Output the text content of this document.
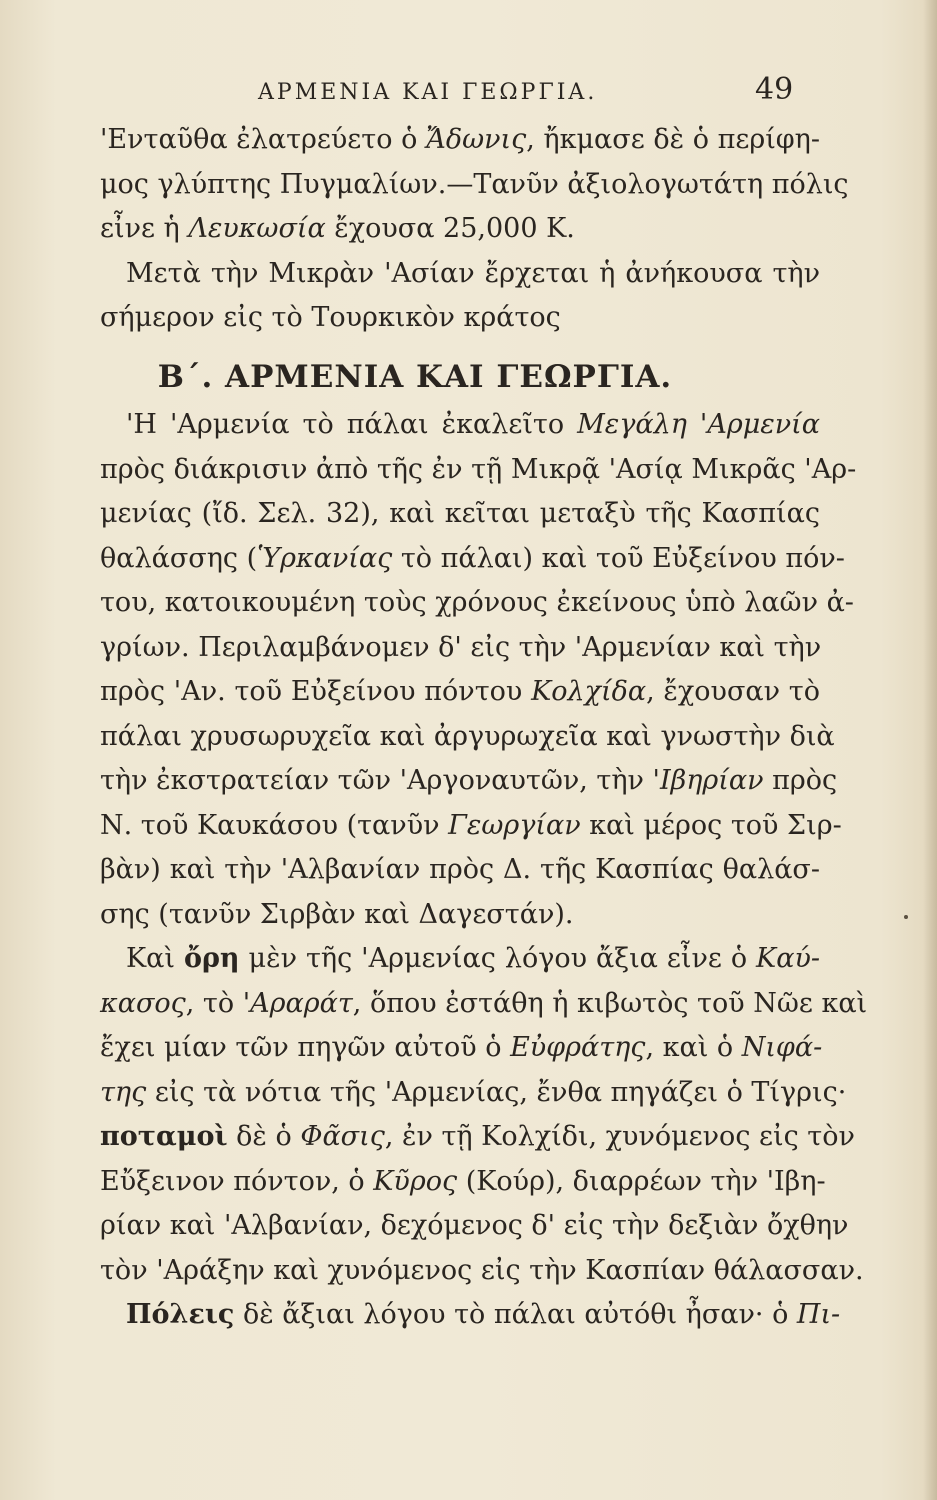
ΑΡΜΕΝΙΑ ΚΑΙ ΓΕΩΡΓΙΑ.	49
'Ενταῦθα ἐλατρεύετο ὁ Ἄδωνις, ἤκμασε δὲ ὁ περίφη-
μος γλύπτης Πυγμαλίων.—Τανῦν ἀξιολογωτάτη πόλις
εἶνε ἡ Λευκωσία ἔχουσα 25,000 Κ.
Μετὰ τὴν Μικρὰν 'Ασίαν ἔρχεται ἡ ἀνήκουσα τὴν
σήμερον εἰς τὸ Τουρκικὸν κράτος
Β΄. ΑΡΜΕΝΙΑ ΚΑΙ ΓΕΩΡΓΙΑ.
'Η 'Αρμενία τὸ πάλαι ἐκαλεῖτο Μεγάλη 'Αρμενία
πρὸς διάκρισιν ἀπὸ τῆς ἐν τῇ Μικρᾷ 'Ασίᾳ Μικρᾶς 'Αρ-
μενίας (ἴδ. Σελ. 32), καὶ κεῖται μεταξὺ τῆς Κασπίας
θαλάσσης (Ὑρκανίας τὸ πάλαι) καὶ τοῦ Εὐξείνου πόν-
του, κατοικουμένη τοὺς χρόνους ἐκείνους ὑπὸ λαῶν ἀ-
γρίων. Περιλαμβάνομεν δ' εἰς τὴν 'Αρμενίαν καὶ τὴν
πρὸς 'Αν. τοῦ Εὐξείνου πόντου Κολχίδα, ἔχουσαν τὸ
πάλαι χρυσωρυχεῖα καὶ ἀργυρωχεῖα καὶ γνωστὴν διὰ
τὴν ἐκστρατείαν τῶν 'Αργοναυτῶν, τὴν 'Ιβηρίαν πρὸς
Ν. τοῦ Καυκάσου (τανῦν Γεωργίαν καὶ μέρος τοῦ Σιρ-
βὰν) καὶ τὴν 'Αλβανίαν πρὸς Δ. τῆς Κασπίας θαλάσ-
σης (τανῦν Σιρβὰν καὶ Δαγεστάν).
Καὶ ὄρη μὲν τῆς 'Αρμενίας λόγου ἄξια εἶνε ὁ Καύ-
κασος, τὸ 'Αραράτ, ὅπου ἐστάθη ἡ κιβωτὸς τοῦ Νῶε καὶ
ἔχει μίαν τῶν πηγῶν αὐτοῦ ὁ Εὐφράτης, καὶ ὁ Νιφά-
της εἰς τὰ νότια τῆς 'Αρμενίας, ἔνθα πηγάζει ὁ Τίγρις·
ποταμοὶ δὲ ὁ Φᾶσις, ἐν τῇ Κολχίδι, χυνόμενος εἰς τὸν
Εὔξεινον πόντον, ὁ Κῦρος (Κούρ), διαρρέων τὴν 'Ιβη-
ρίαν καὶ 'Αλβανίαν, δεχόμενος δ' εἰς τὴν δεξιὰν ὄχθην
τὸν 'Αράξην καὶ χυνόμενος εἰς τὴν Κασπίαν θάλασσαν.
Πόλεις δὲ ἄξιαι λόγου τὸ πάλαι αὐτόθι ἦσαν· ὁ Πι-
